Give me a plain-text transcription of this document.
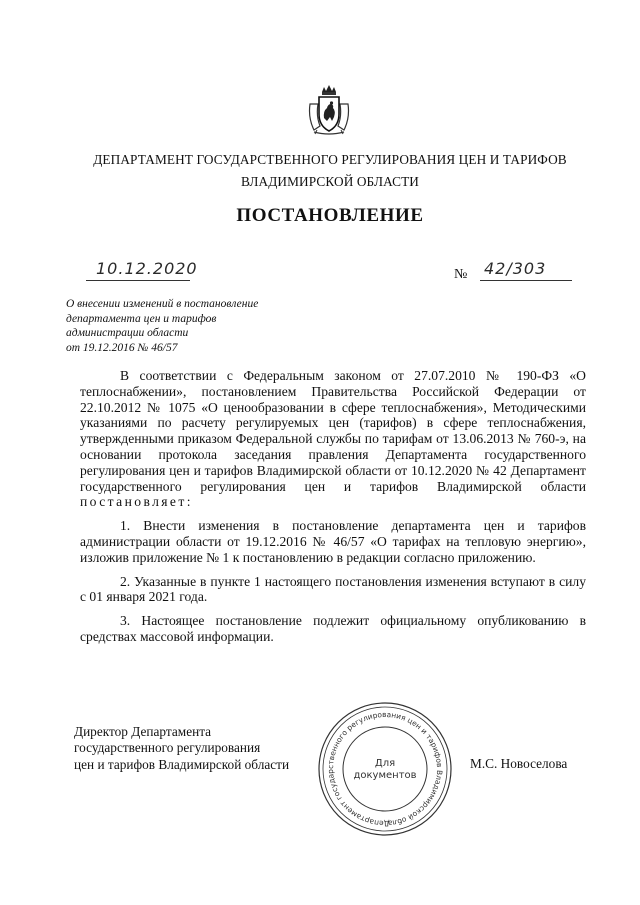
ДЕПАРТАМЕНТ ГОСУДАРСТВЕННОГО РЕГУЛИРОВАНИЯ ЦЕН И ТАРИФОВ
ВЛАДИМИРСКОЙ ОБЛАСТИ
ПОСТАНОВЛЕНИЕ
10.12.2020	№ 42/303
О внесении изменений в постановление
департамента цен и тарифов
администрации области
от 19.12.2016 № 46/57

В соответствии с Федеральным законом от 27.07.2010 № 190-ФЗ «О теплоснабжении», постановлением Правительства Российской Федерации от 22.10.2012 № 1075 «О ценообразовании в сфере теплоснабжения», Методическими указаниями по расчету регулируемых цен (тарифов) в сфере теплоснабжения, утвержденными приказом Федеральной службы по тарифам от 13.06.2013 № 760-э, на основании протокола заседания правления Департамента государственного регулирования цен и тарифов Владимирской области от 10.12.2020 № 42 Департамент государственного регулирования цен и тарифов Владимирской области постановляет:

1. Внести изменения в постановление департамента цен и тарифов администрации области от 19.12.2016 № 46/57 «О тарифах на тепловую энергию», изложив приложение № 1 к постановлению в редакции согласно приложению.

2. Указанные в пункте 1 настоящего постановления изменения вступают в силу с 01 января 2021 года.

3. Настоящее постановление подлежит официальному опубликованию в средствах массовой информации.

Директор Департамента
государственного регулирования
цен и тарифов Владимирской области
Департамент государственного регулирования цен и тарифов Владимирской области
Для
документов
М.С. Новоселова
